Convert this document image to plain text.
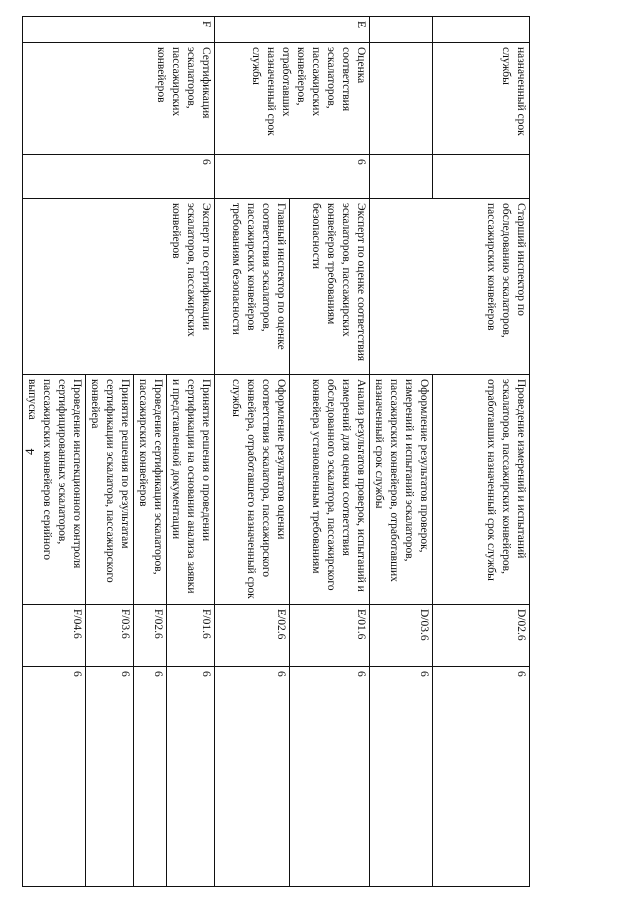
4
	назначенный срок службы		Старший инспектор по обследованию эскалаторов, пассажирских конвейеров	Проведение измерений и испытаний эскалаторов, пассажирских конвейеров, отработавших назначенный срок службы	D/02.6	6
				Оформление результатов проверок, измерений и испытаний эскалаторов, пассажирских конвейеров, отработавших назначенный срок службы	D/03.6	6
E	Оценка соответствия эскалаторов, пассажирских конвейеров, отработавших назначенный срок службы	6	Эксперт по оценке соответствия эскалаторов, пассажирских конвейеров требованиям безопасности	Анализ результатов проверок, испытаний и измерений для оценки соответствия обследованного эскалатора, пассажирского конвейера установленным требованиям	E/01.6	6
			Главный инспектор по оценке соответствия эскалаторов, пассажирских конвейеров требованиям безопасности	Оформление результатов оценки соответствия эскалатора, пассажирского конвейера, отработавшего назначенный срок службы	E/02.6	6
F	Сертификация эскалаторов, пассажирских конвейеров	6	Эксперт по сертификации эскалаторов, пассажирских конвейеров	Принятие решения о проведении сертификации на основании анализа заявки и представленной документации	F/01.6	6
				Проведение сертификации эскалаторов, пассажирских конвейеров	F/02.6	6
				Принятие решения по результатам сертификации эскалатора, пассажирского конвейера	F/03.6	6
				Проведение инспекционного контроля сертифицированных эскалаторов, пассажирских конвейеров серийного выпуска	F/04.6	6
